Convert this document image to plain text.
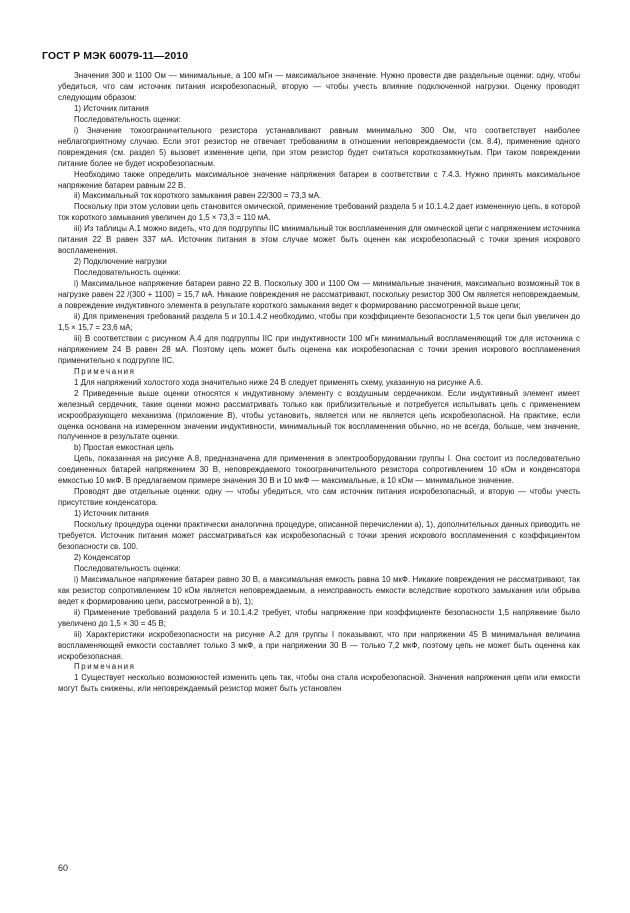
ГОСТ Р МЭК 60079-11—2010

Значения 300 и 1100 Ом — минимальные, а 100 мГн — максимальное значение. Нужно провести две раздельные оценки: одну, чтобы убедиться, что сам источник питания искробезопасный, вторую — чтобы учесть влияние подключенной нагрузки. Оценку проводят следующим образом:

1) Источник питания

Последовательность оценки:

i) Значение токоограничительного резистора устанавливают равным минимально 300 Ом, что соответствует наиболее неблагоприятному случаю. Если этот резистор не отвечает требованиям в отношении неповреждаемости (см. 8.4), применение одного повреждения (см. раздел 5) вызовет изменение цепи, при этом резистор будет считаться короткозамкнутым. При таком повреждении питание более не будет искробезопасным.

Необходимо также определить максимальное значение напряжения батареи в соответствии с 7.4.3. Нужно принять максимальное напряжение батареи равным 22 В.

ii) Максимальный ток короткого замыкания равен 22/300 = 73,3 мА.

Поскольку при этом условии цепь становится омической, применение требований раздела 5 и 10.1.4.2 дает измененную цепь, в которой ток короткого замыкания увеличен до 1,5 × 73,3 = 110 мА.

iii) Из таблицы А.1 можно видеть, что для подгруппы IIC минимальный ток воспламенения для омической цепи с напряжением источника питания 22 В равен 337 мА. Источник питания в этом случае может быть оценен как искробезопасный с точки зрения искрового воспламенения.

2) Подключение нагрузки

Последовательность оценки:

i) Максимальное напряжение батареи равно 22 В. Поскольку 300 и 1100 Ом — минимальные значения, максимально возможный ток в нагрузке равен 22 /(300 + 1100) = 15,7 мА. Никакие повреждения не рассматривают, поскольку резистор 300 Ом является неповреждаемым, а повреждение индуктивного элемента в результате короткого замыкания ведет к формированию рассмотренной выше цепи;

ii) Для применения требований раздела 5 и 10.1.4.2 необходимо, чтобы при коэффициенте безопасности 1,5 ток цепи был увеличен до 1,5 × 15,7 = 23,6 мА;

iii) В соответствии с рисунком А.4 для подгруппы IIC при индуктивности 100 мГн минимальный воспламеняющий ток для источника с напряжением 24 В равен 28 мА. Поэтому цепь может быть оценена как искробезопасная с точки зрения искрового воспламенения применительно к подгруппе IIC.

Примечания

1 Для напряжений холостого хода значительно ниже 24 В следует применять схему, указанную на рисунке А.6.

2 Приведенные выше оценки относятся к индуктивному элементу с воздушным сердечником. Если индуктивный элемент имеет железный сердечник, такие оценки можно рассматривать только как приблизительные и потребуется испытывать цепь с применением искрообразующего механизма (приложение В), чтобы установить, является или не является цепь искробезопасной. На практике, если оценка основана на измеренном значении индуктивности, минимальный ток воспламенения обычно, но не всегда, больше, чем значение, полученное в результате оценки.

b) Простая емкостная цепь

Цепь, показанная на рисунке А.8, предназначена для применения в электрооборудовании группы I. Она состоит из последовательно соединенных батарей напряжением 30 В, неповреждаемого токоограничительного резистора сопротивлением 10 кОм и конденсатора емкостью 10 мкФ. В предлагаемом примере значения 30 В и 10 мкФ — максимальные, а 10 кОм — минимальное значение.

Проводят две отдельные оценки: одну — чтобы убедиться, что сам источник питания искробезопасный, и вторую — чтобы учесть присутствие конденсатора.

1) Источник питания

Поскольку процедура оценки практически аналогична процедуре, описанной перечислении а), 1), дополнительных данных приводить не требуется. Источник питания может рассматриваться как искробезопасный с точки зрения искрового воспламенения с коэффициентом безопасности св. 100.

2) Конденсатор

Последовательность оценки:

i) Максимальное напряжение батареи равно 30 В, а максимальная емкость равна 10 мкФ. Никакие повреждения не рассматривают, так как резистор сопротивлением 10 кОм является неповреждаемым, а неисправность емкости вследствие короткого замыкания или обрыва ведет к формированию цепи, рассмотренной в b), 1);

ii) Применение требований раздела 5 и 10.1.4.2 требует, чтобы напряжение при коэффициенте безопасности 1,5 напряжение было увеличено до 1,5 × 30 = 45 В;

iii) Характеристики искробезопасности на рисунке А.2 для группы I показывают, что при напряжении 45 В минимальная величина воспламеняющей емкости составляет только 3 мкФ, а при напряжении 30 В — только 7,2 мкФ, поэтому цепь не может быть оценена как искробезопасная.

Примечания

1 Существует несколько возможностей изменить цепь так, чтобы она стала искробезопасной. Значения напряжения цепи или емкости могут быть снижены, или неповреждаемый резистор может быть установлен

60
